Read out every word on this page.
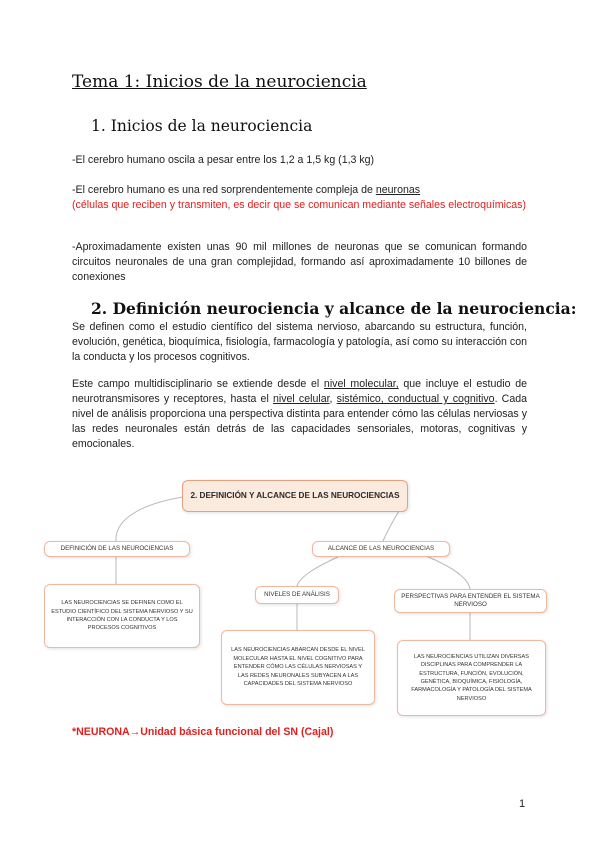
Tema 1: Inicios de la neurociencia
1. Inicios de la neurociencia
-El cerebro humano oscila a pesar entre los 1,2 a 1,5 kg (1,3 kg)
-El cerebro humano es una red sorprendentemente compleja de neuronas
(células que reciben y transmiten, es decir que se comunican mediante señales electroquímicas)
-Aproximadamente existen unas 90 mil millones de neuronas que se comunican formando circuitos neuronales de una gran complejidad, formando así aproximadamente 10 billones de conexiones
2. Definición neurociencia y alcance de la neurociencia:
Se definen como el estudio científico del sistema nervioso, abarcando su estructura, función, evolución, genética, bioquímica, fisiología, farmacología y patología, así como su interacción con la conducta y los procesos cognitivos.
Este campo multidisciplinario se extiende desde el nivel molecular, que incluye el estudio de neurotransmisores y receptores, hasta el nivel celular, sistémico, conductual y cognitivo. Cada nivel de análisis proporciona una perspectiva distinta para entender cómo las células nerviosas y las redes neuronales están detrás de las capacidades sensoriales, motoras, cognitivas y emocionales.
2. DEFINICIÓN Y ALCANCE DE LAS NEUROCIENCIAS
DEFINICIÓN DE LAS NEUROCIENCIAS
LAS NEUROCIENCIAS SE DEFINEN COMO EL ESTUDIO CIENTÍFICO DEL SISTEMA NERVIOSO Y SU INTERACCIÓN CON LA CONDUCTA Y LOS PROCESOS COGNITIVOS
ALCANCE DE LAS NEUROCIENCIAS
NIVELES DE ANÁLISIS
LAS NEUROCIENCIAS ABARCAN DESDE EL NIVEL MOLECULAR HASTA EL NIVEL COGNITIVO PARA ENTENDER CÓMO LAS CÉLULAS NERVIOSAS Y LAS REDES NEURONALES SUBYACEN A LAS CAPACIDADES DEL SISTEMA NERVIOSO
PERSPECTIVAS PARA ENTENDER EL SISTEMA NERVIOSO
LAS NEUROCIENCIAS UTILIZAN DIVERSAS DISCIPLINAS PARA COMPRENDER LA ESTRUCTURA, FUNCIÓN, EVOLUCIÓN, GENÉTICA, BIOQUÍMICA, FISIOLOGÍA, FARMACOLOGÍA Y PATOLOGÍA DEL SISTEMA NERVIOSO
*NEURONA→Unidad básica funcional del SN (Cajal)
1
